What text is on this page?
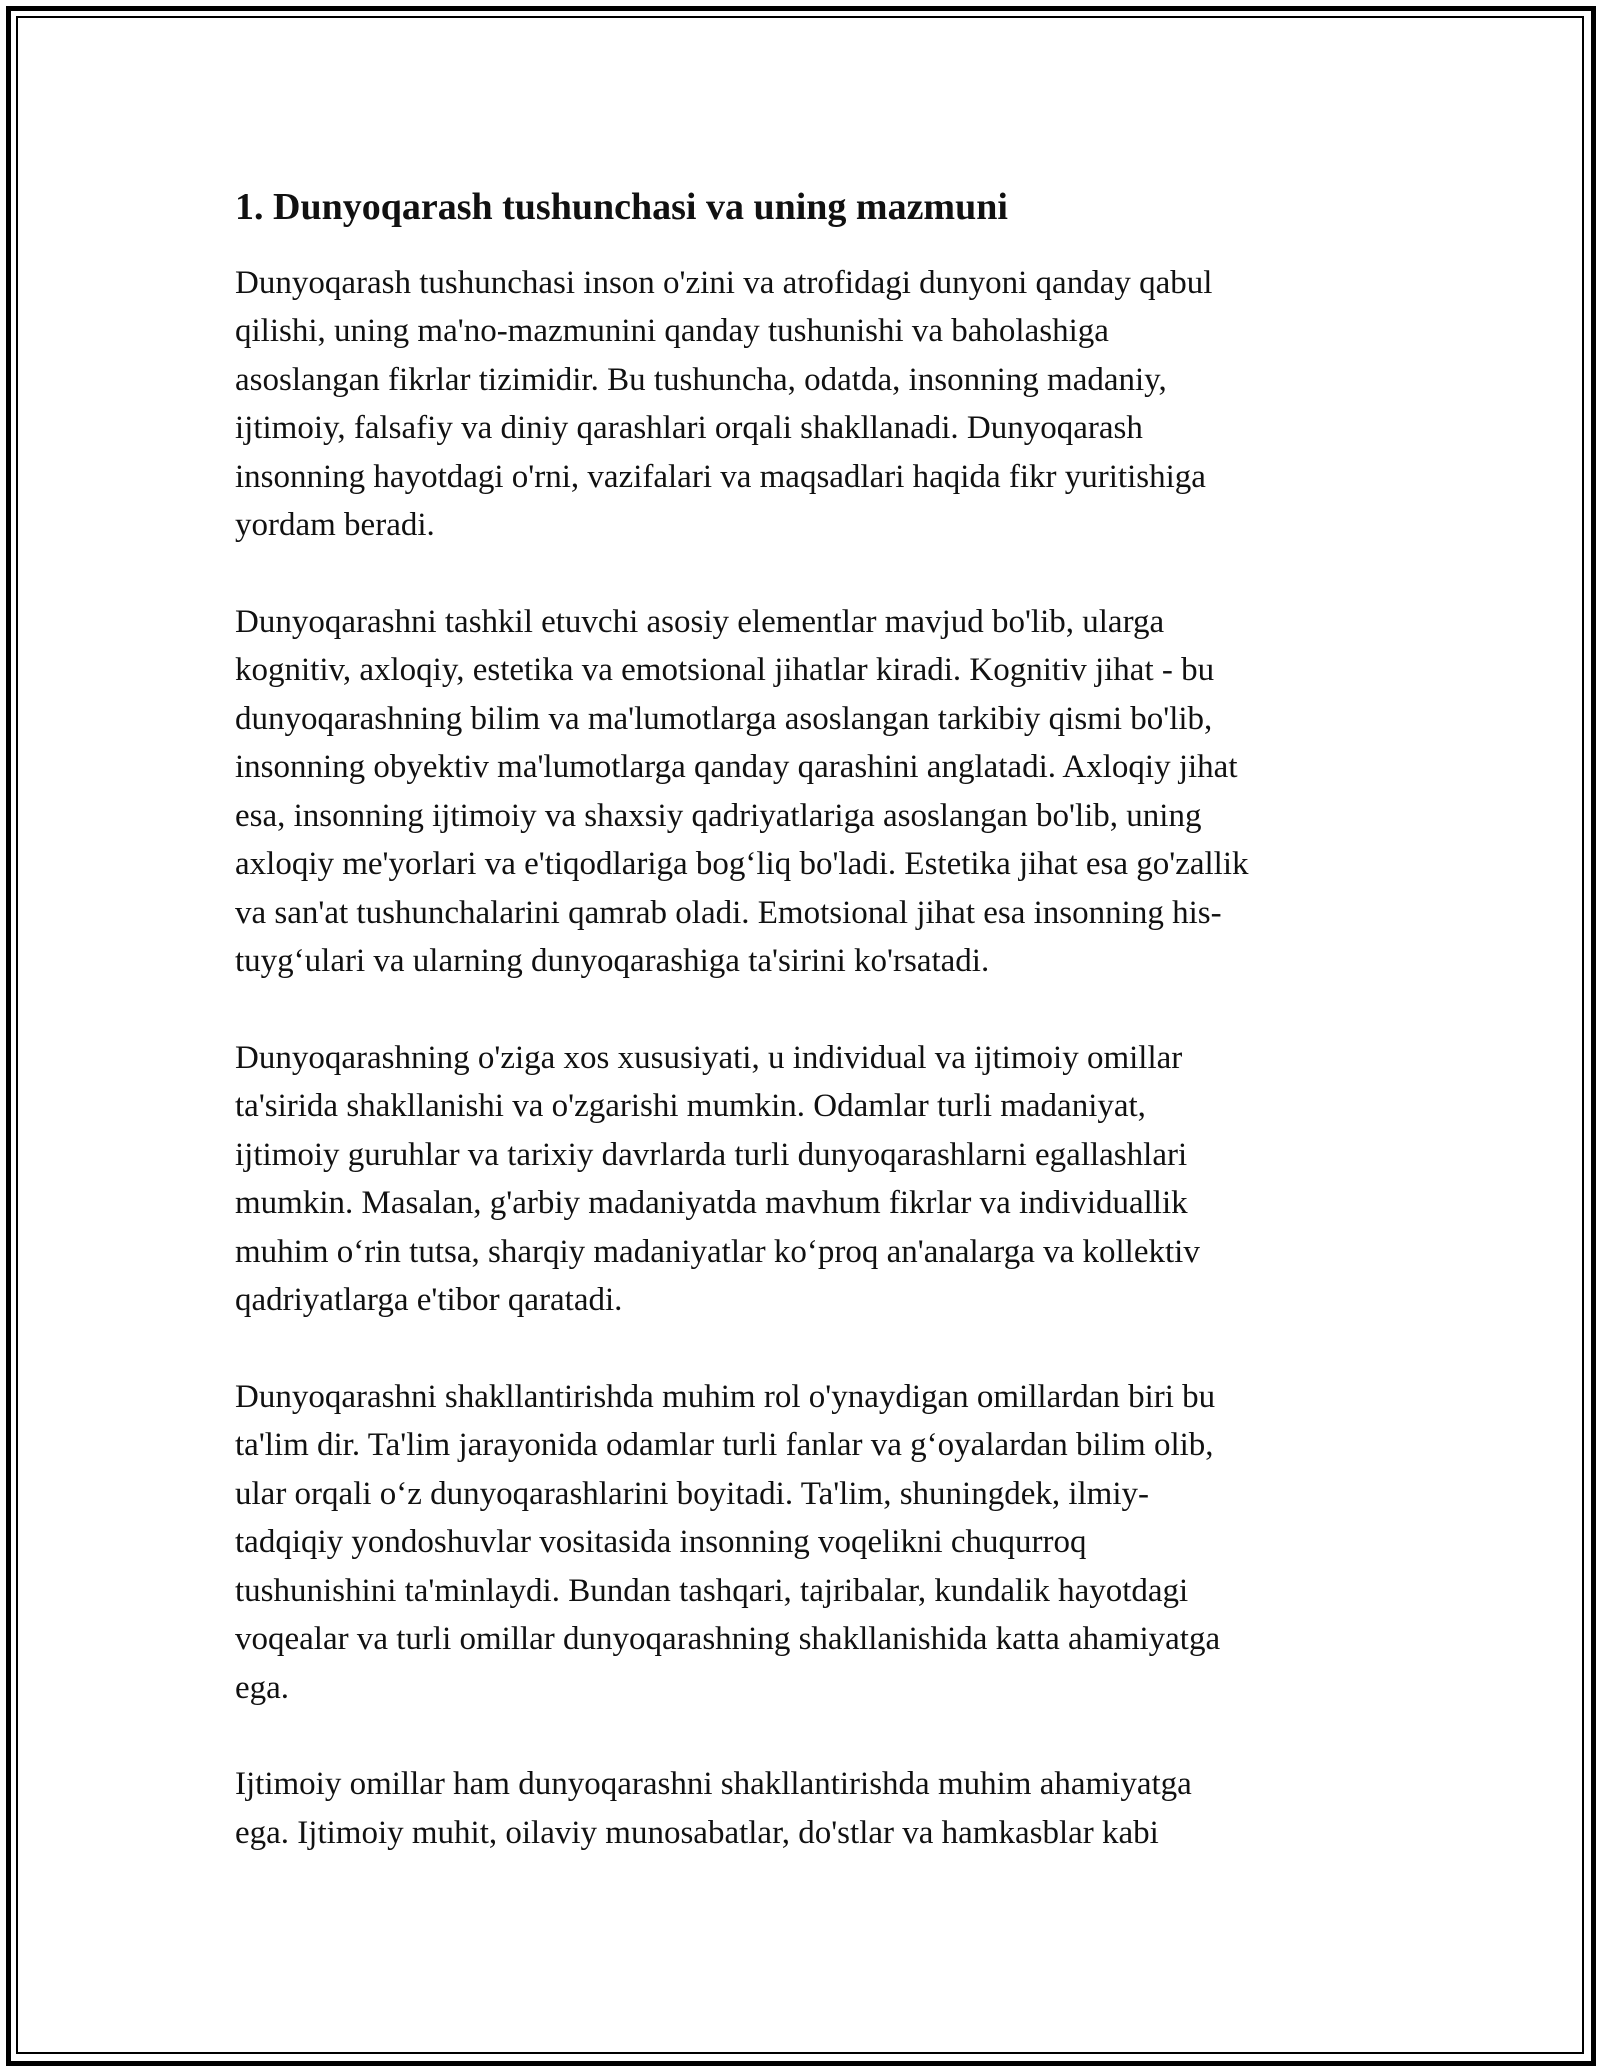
1. Dunyoqarash tushunchasi va uning mazmuni
Dunyoqarash tushunchasi inson o'zini va atrofidagi dunyoni qanday qabul
qilishi, uning ma'no-mazmunini qanday tushunishi va baholashiga
asoslangan fikrlar tizimidir. Bu tushuncha, odatda, insonning madaniy,
ijtimoiy, falsafiy va diniy qarashlari orqali shakllanadi. Dunyoqarash
insonning hayotdagi o'rni, vazifalari va maqsadlari haqida fikr yuritishiga
yordam beradi.
Dunyoqarashni tashkil etuvchi asosiy elementlar mavjud bo'lib, ularga
kognitiv, axloqiy, estetika va emotsional jihatlar kiradi. Kognitiv jihat - bu
dunyoqarashning bilim va ma'lumotlarga asoslangan tarkibiy qismi bo'lib,
insonning obyektiv ma'lumotlarga qanday qarashini anglatadi. Axloqiy jihat
esa, insonning ijtimoiy va shaxsiy qadriyatlariga asoslangan bo'lib, uning
axloqiy me'yorlari va e'tiqodlariga bog‘liq bo'ladi. Estetika jihat esa go'zallik
va san'at tushunchalarini qamrab oladi. Emotsional jihat esa insonning his-
tuyg‘ulari va ularning dunyoqarashiga ta'sirini ko'rsatadi.
Dunyoqarashning o'ziga xos xususiyati, u individual va ijtimoiy omillar
ta'sirida shakllanishi va o'zgarishi mumkin. Odamlar turli madaniyat,
ijtimoiy guruhlar va tarixiy davrlarda turli dunyoqarashlarni egallashlari
mumkin. Masalan, g'arbiy madaniyatda mavhum fikrlar va individuallik
muhim o‘rin tutsa, sharqiy madaniyatlar ko‘proq an'analarga va kollektiv
qadriyatlarga e'tibor qaratadi.
Dunyoqarashni shakllantirishda muhim rol o'ynaydigan omillardan biri bu
ta'lim dir. Ta'lim jarayonida odamlar turli fanlar va g‘oyalardan bilim olib,
ular orqali o‘z dunyoqarashlarini boyitadi. Ta'lim, shuningdek, ilmiy-
tadqiqiy yondoshuvlar vositasida insonning voqelikni chuqurroq
tushunishini ta'minlaydi. Bundan tashqari, tajribalar, kundalik hayotdagi
voqealar va turli omillar dunyoqarashning shakllanishida katta ahamiyatga
ega.
Ijtimoiy omillar ham dunyoqarashni shakllantirishda muhim ahamiyatga
ega. Ijtimoiy muhit, oilaviy munosabatlar, do'stlar va hamkasblar kabi
